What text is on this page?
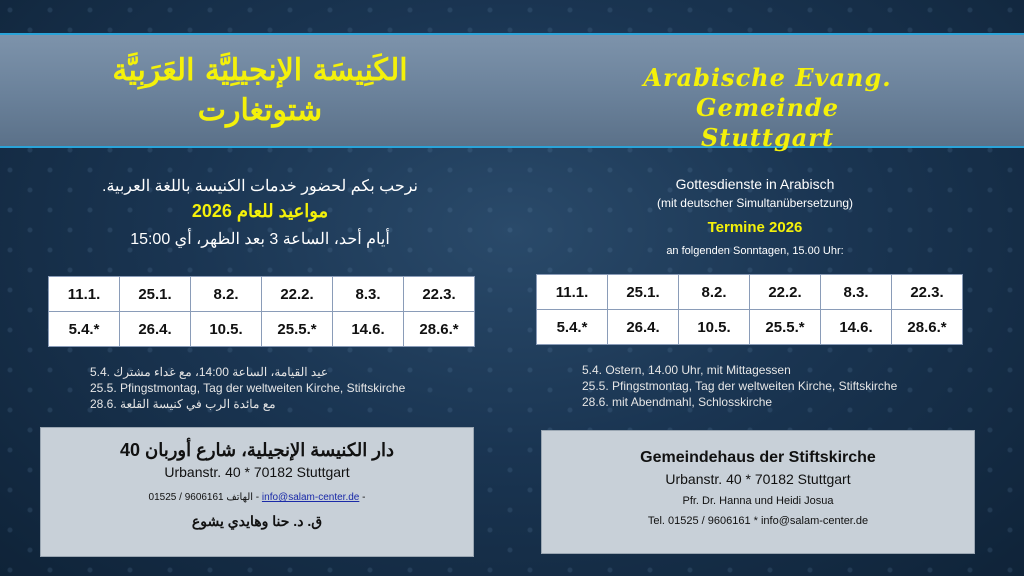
الكَنِيسَة الإنجيلِيَّة العَرَبِيَّة
شتوتغارت
Arabische Evang. Gemeinde
Stuttgart
نرحب بكم لحضور خدمات الكنيسة باللغة العربية.
مواعيد للعام 2026
أيام أحد، الساعة 3 بعد الظهر، أي 15:00
11.1.	25.1.	8.2.	22.2.	8.3.	22.3.
5.4.*	26.4.	10.5.	25.5.*	14.6.	28.6.*
5.4. عيد القيامة، الساعة 14:00، مع غداء مشترك
25.5. Pfingstmontag, Tag der weltweiten Kirche, Stiftskirche
28.6. مع مائدة الرب في كنيسة القلعة
دار الكنيسة الإنجيلية، شارع أوربان 40
Urbanstr. 40 * 70182 Stuttgart
01525 / 9606161 الهاتف - info@salam-center.de -
ق. د. حنا وهايدي يشوع
Gottesdienste in Arabisch
(mit deutscher Simultanübersetzung)
Termine 2026
an folgenden Sonntagen, 15.00 Uhr:
11.1.	25.1.	8.2.	22.2.	8.3.	22.3.
5.4.*	26.4.	10.5.	25.5.*	14.6.	28.6.*
5.4. Ostern, 14.00 Uhr, mit Mittagessen
25.5. Pfingstmontag, Tag der weltweiten Kirche, Stiftskirche
28.6. mit Abendmahl, Schlosskirche
Gemeindehaus der Stiftskirche
Urbanstr. 40 * 70182 Stuttgart
Pfr. Dr. Hanna und Heidi Josua
Tel. 01525 / 9606161 * info@salam-center.de
